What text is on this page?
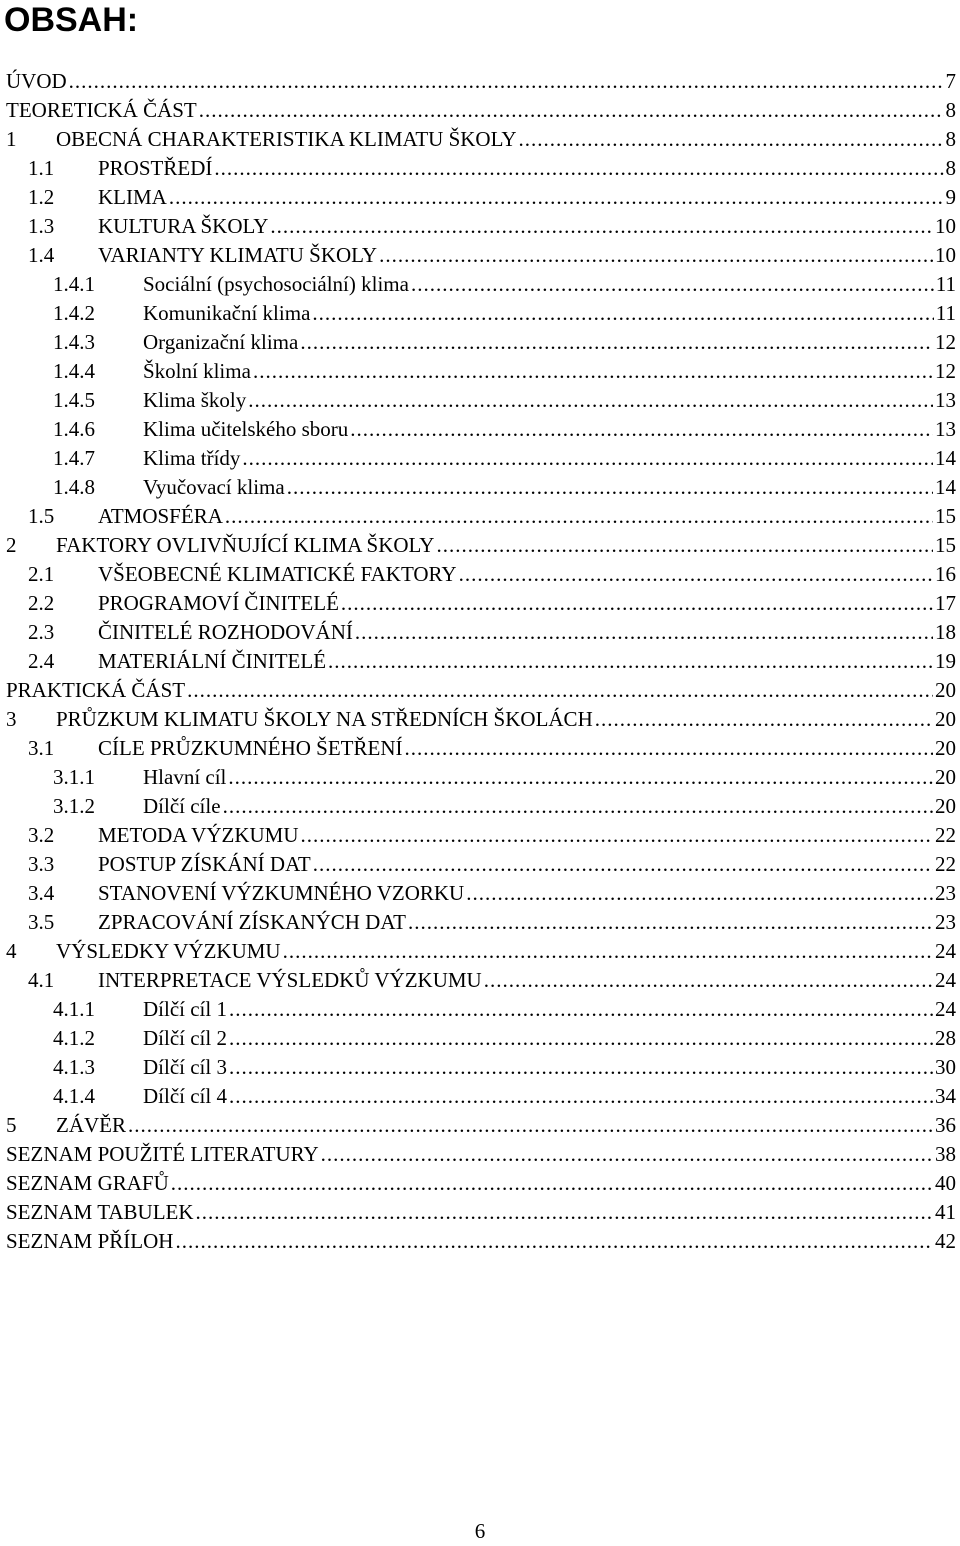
OBSAH:
ÚVOD .....	7
TEORETICKÁ ČÁST .....	8
1	OBECNÁ CHARAKTERISTIKA KLIMATU ŠKOLY .....	8
1.1	PROSTŘEDÍ .....	8
1.2	KLIMA .....	9
1.3	KULTURA ŠKOLY .....	10
1.4	VARIANTY KLIMATU ŠKOLY .....	10
1.4.1	Sociální (psychosociální) klima .....	11
1.4.2	Komunikační klima .....	11
1.4.3	Organizační klima .....	12
1.4.4	Školní klima .....	12
1.4.5	Klima školy .....	13
1.4.6	Klima učitelského sboru .....	13
1.4.7	Klima třídy .....	14
1.4.8	Vyučovací klima .....	14
1.5	ATMOSFÉRA .....	15
2	FAKTORY OVLIVŇUJÍCÍ KLIMA ŠKOLY .....	15
2.1	VŠEOBECNÉ KLIMATICKÉ FAKTORY .....	16
2.2	PROGRAMOVÍ ČINITELÉ .....	17
2.3	ČINITELÉ ROZHODOVÁNÍ .....	18
2.4	MATERIÁLNÍ ČINITELÉ .....	19
PRAKTICKÁ ČÁST .....	20
3	PRŮZKUM KLIMATU ŠKOLY NA STŘEDNÍCH ŠKOLÁCH .....	20
3.1	CÍLE PRŮZKUMNÉHO ŠETŘENÍ .....	20
3.1.1	Hlavní cíl .....	20
3.1.2	Dílčí cíle .....	20
3.2	METODA VÝZKUMU .....	22
3.3	POSTUP ZÍSKÁNÍ DAT .....	22
3.4	STANOVENÍ VÝZKUMNÉHO VZORKU .....	23
3.5	ZPRACOVÁNÍ ZÍSKANÝCH DAT .....	23
4	VÝSLEDKY VÝZKUMU .....	24
4.1	INTERPRETACE VÝSLEDKŮ VÝZKUMU .....	24
4.1.1	Dílčí cíl 1 .....	24
4.1.2	Dílčí cíl 2 .....	28
4.1.3	Dílčí cíl 3 .....	30
4.1.4	Dílčí cíl 4 .....	34
5	ZÁVĚR .....	36
SEZNAM POUŽITÉ LITERATURY .....	38
SEZNAM GRAFŮ .....	40
SEZNAM TABULEK .....	41
SEZNAM PŘÍLOH .....	42
6
